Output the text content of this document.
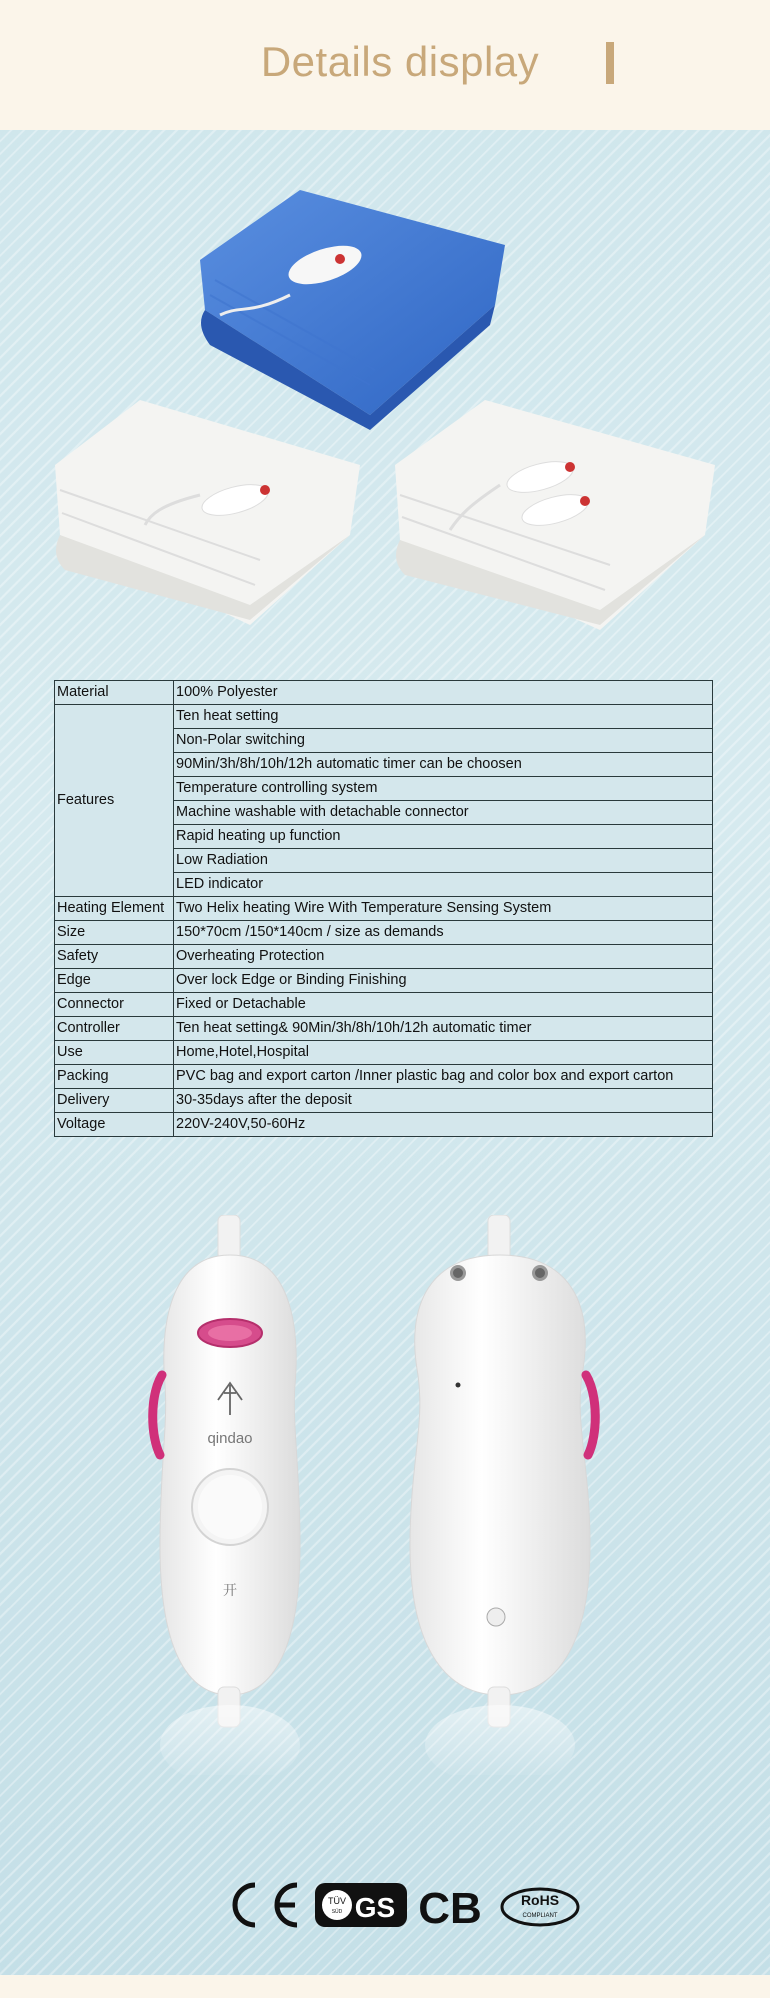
Details display
Material	100% Polyester
Features	Ten heat setting
	Non-Polar switching
	90Min/3h/8h/10h/12h automatic timer can be choosen
	Temperature controlling system
	Machine washable with detachable connector
	Rapid heating up function
	Low Radiation
	LED indicator
Heating Element	Two Helix heating Wire With Temperature Sensing System
Size	150*70cm /150*140cm / size as demands
Safety	Overheating Protection
Edge	Over lock Edge or Binding Finishing
Connector	Fixed or Detachable
Controller	Ten heat setting& 90Min/3h/8h/10h/12h automatic timer
Use	Home,Hotel,Hospital
Packing	PVC bag and export carton /Inner plastic bag and color box and export carton
Delivery	30-35days after the deposit
Voltage	220V-240V,50-60Hz
qindao
开
TÜV
SÜD GS CB	RoHS
COMPLIANT
